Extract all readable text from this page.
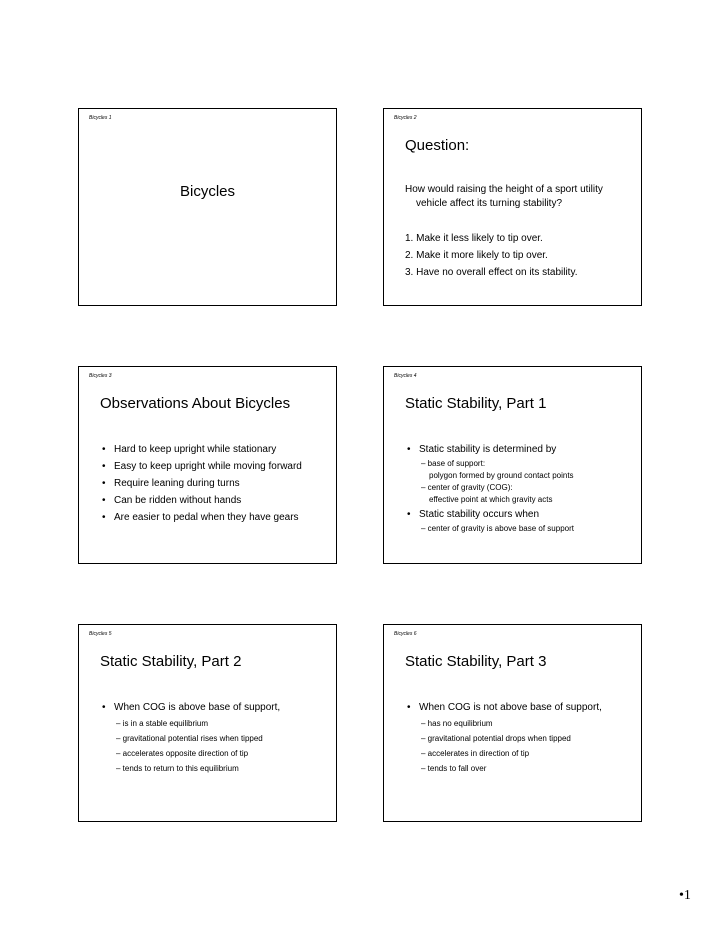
Bicycles 1
Bicycles
Bicycles 2
Question:
How would raising the height of a sport utility
vehicle affect its turning stability?
1. Make it less likely to tip over.
2. Make it more likely to tip over.
3. Have no overall effect on its stability.
Bicycles 3
Observations About Bicycles
• Hard to keep upright while stationary
• Easy to keep upright while moving forward
• Require leaning during turns
• Can be ridden without hands
• Are easier to pedal when they have gears
Bicycles 4
Static Stability, Part 1
• Static stability is determined by
– base of support:
polygon formed by ground contact points
– center of gravity (COG):
effective point at which gravity acts
• Static stability occurs when
– center of gravity is above base of support
Bicycles 5
Static Stability, Part 2
• When COG is above base of support,
– is in a stable equilibrium
– gravitational potential rises when tipped
– accelerates opposite direction of tip
– tends to return to this equilibrium
Bicycles 6
Static Stability, Part 3
• When COG is not above base of support,
– has no equilibrium
– gravitational potential drops when tipped
– accelerates in direction of tip
– tends to fall over
•1
